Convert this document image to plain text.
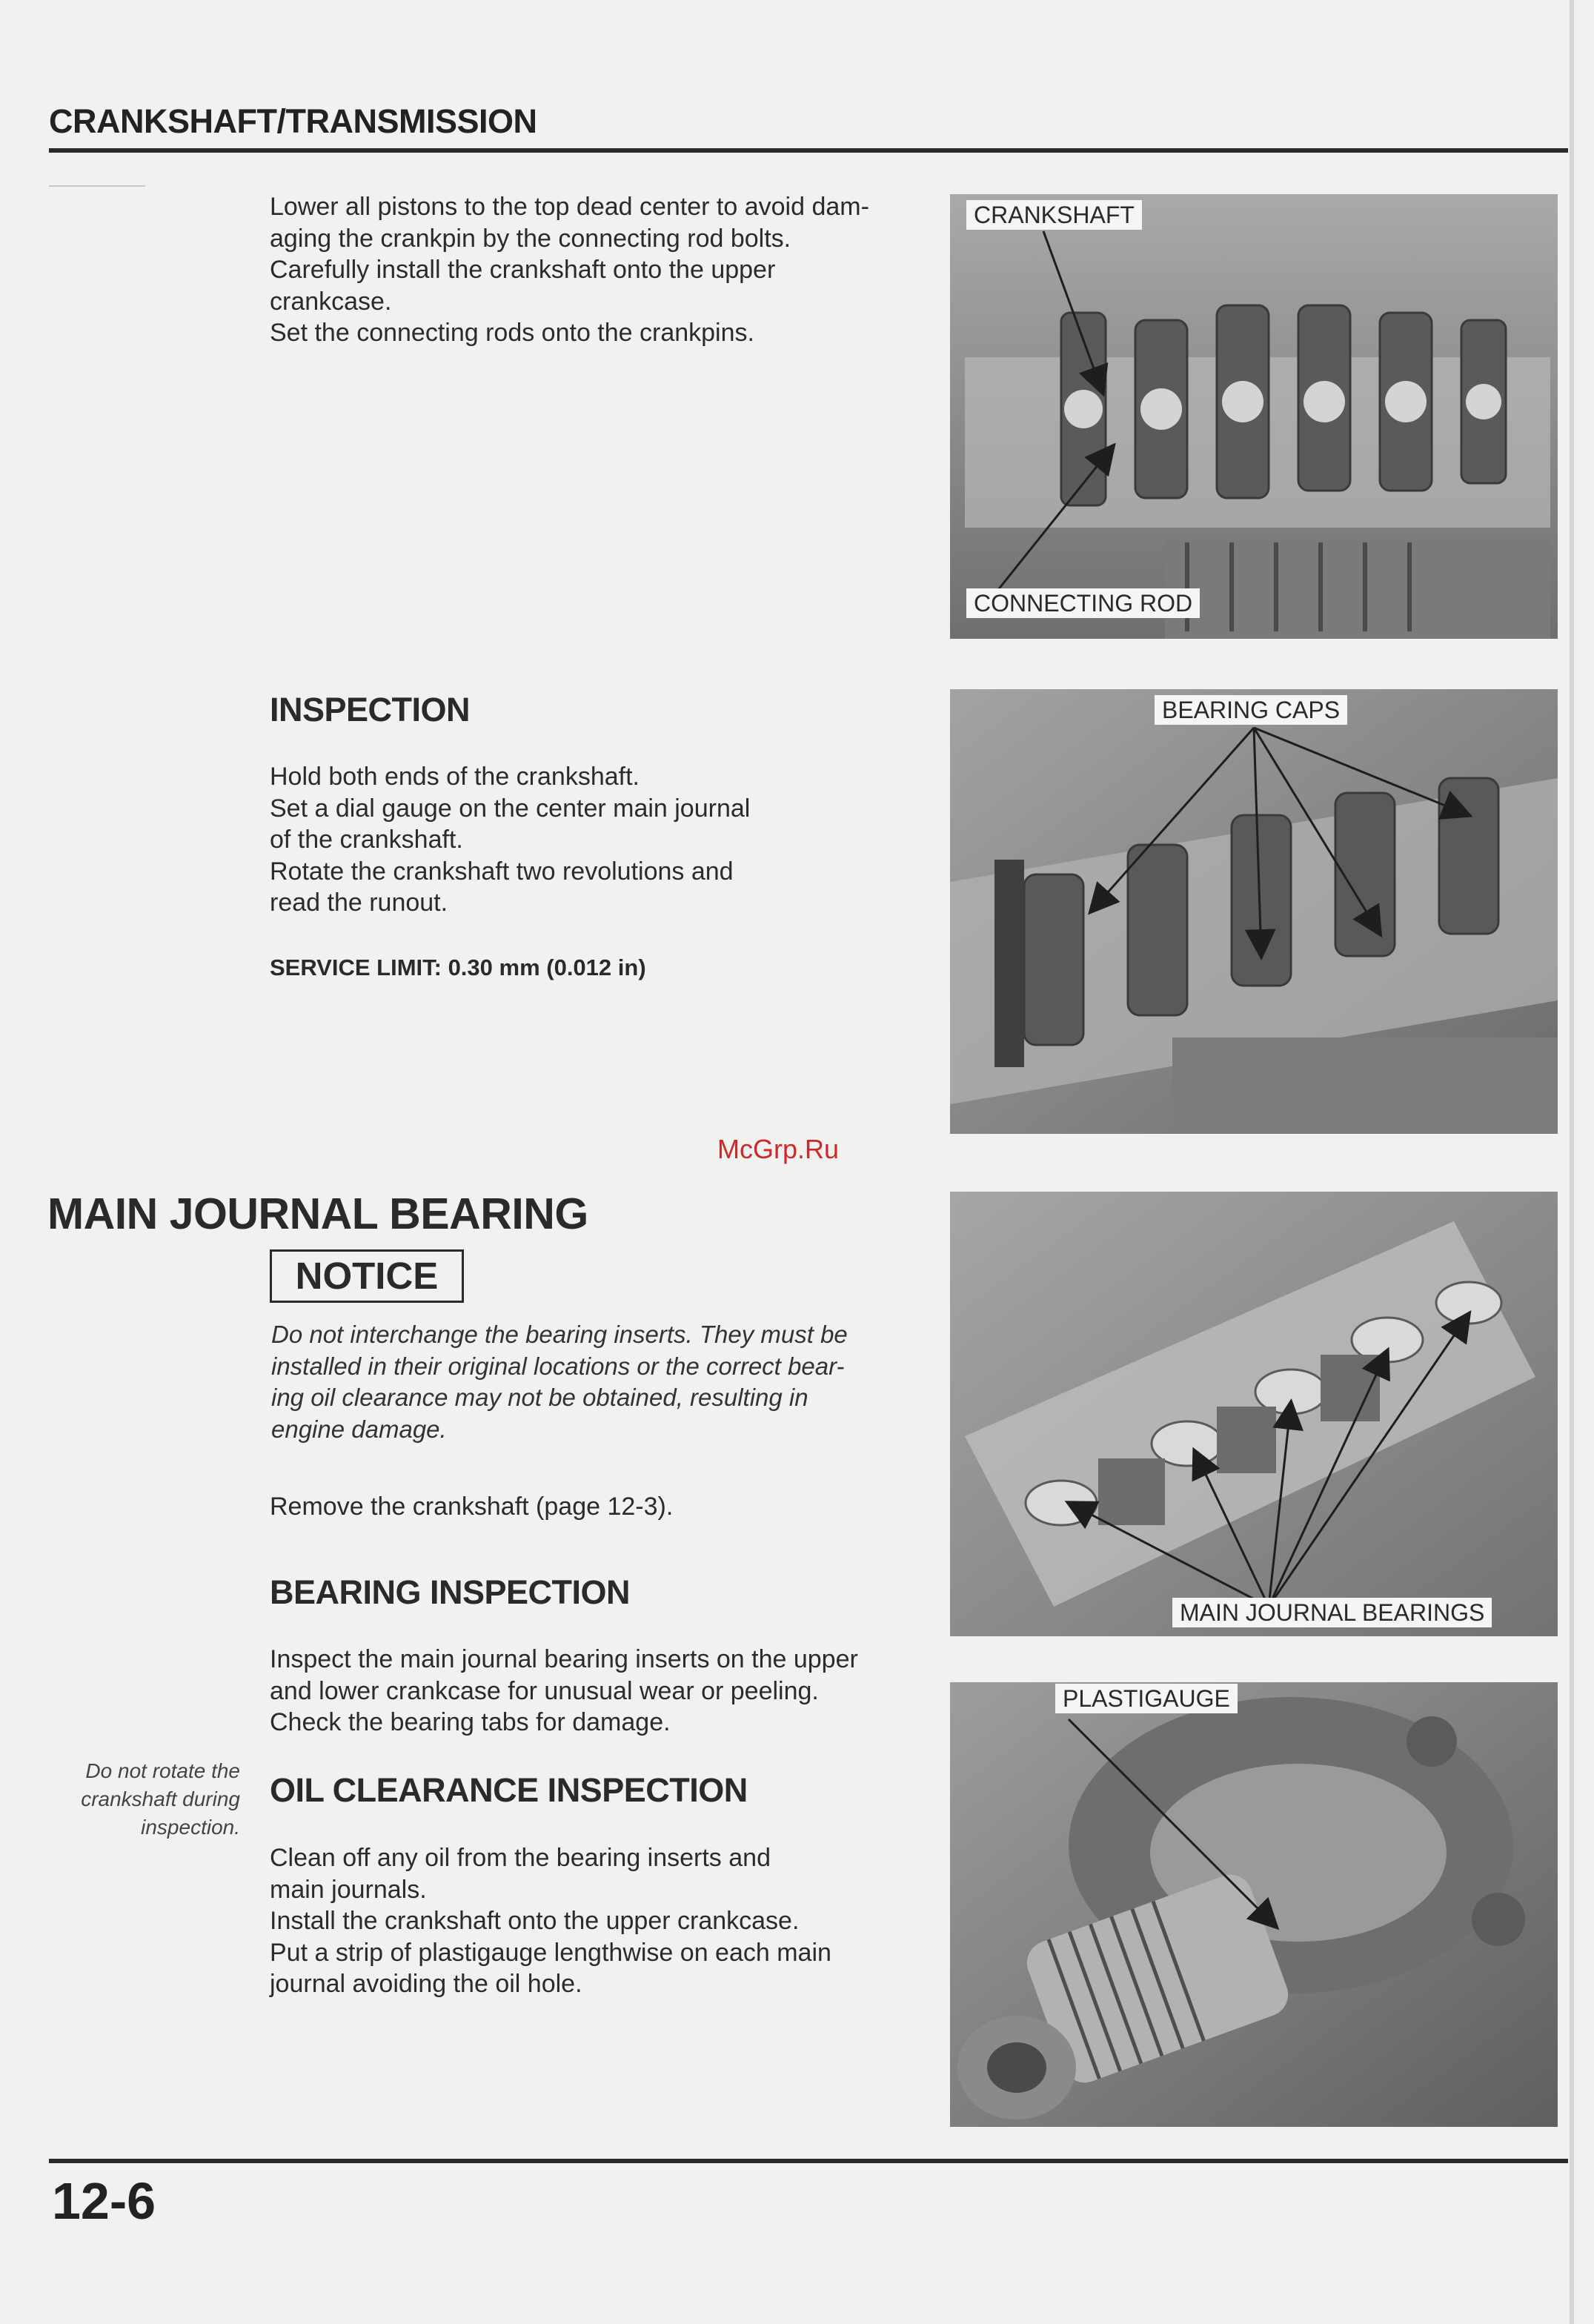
CRANKSHAFT/TRANSMISSION

Lower all pistons to the top dead center to avoid dam-

aging the crankpin by the connecting rod bolts.

Carefully install the crankshaft onto the upper

crankcase.

Set the connecting rods onto the crankpins.

INSPECTION

Hold both ends of the crankshaft.

Set a dial gauge on the center main journal

of the crankshaft.

Rotate the crankshaft two revolutions and

read the runout.

SERVICE LIMIT: 0.30 mm (0.012 in)
McGrp.Ru
MAIN JOURNAL BEARING
NOTICE

Do not interchange the bearing inserts. They must be

installed in their original locations or the correct bear-

ing oil clearance may not be obtained, resulting in

engine damage.

Remove the crankshaft (page 12-3).
BEARING INSPECTION

Inspect the main journal bearing inserts on the upper

and lower crankcase for unusual wear or peeling.

Check the bearing tabs for damage.

Do not rotate the
crankshaft during
inspection.
OIL CLEARANCE INSPECTION

Clean off any oil from the bearing inserts and

main journals.

Install the crankshaft onto the upper crankcase.

Put a strip of plastigauge lengthwise on each main

journal avoiding the oil hole.

CRANKSHAFT
CONNECTING ROD
BEARING CAPS
MAIN JOURNAL BEARINGS
PLASTIGAUGE
12-6
